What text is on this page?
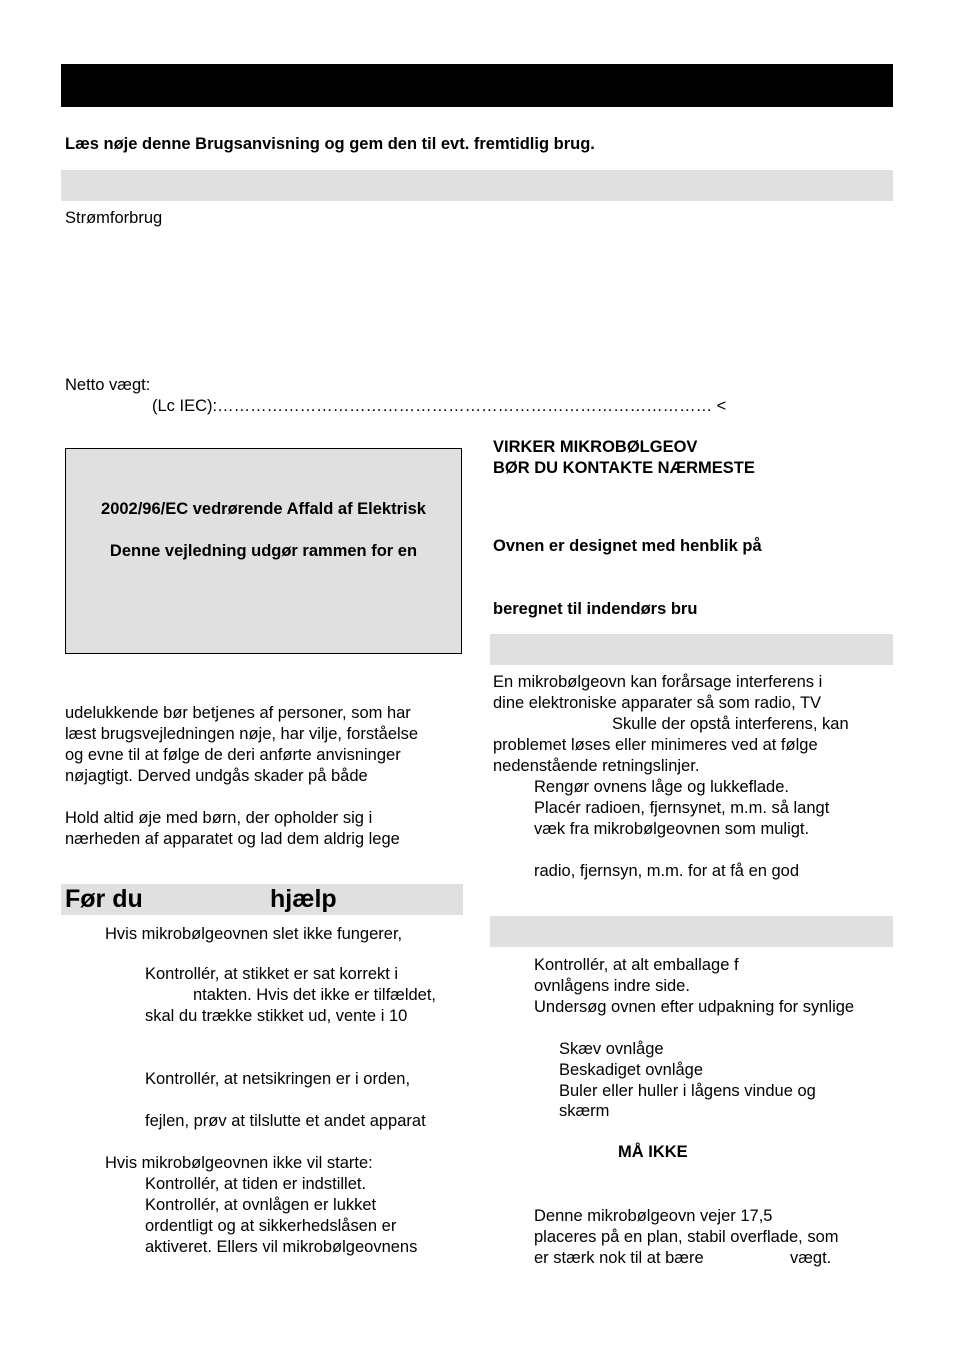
Læs nøje denne Brugsanvisning og gem den til evt. fremtidlig brug.
Strømforbrug
Netto vægt:
(Lc IEC):……………………………………………………………………………… <
2002/96/EC vedrørende Affald af Elektrisk
Denne vejledning udgør rammen for en
udelukkende bør betjenes af personer, som har
læst brugsvejledningen nøje, har vilje, forståelse
og evne til at følge de deri anførte anvisninger
nøjagtigt. Derved undgås skader på både
Hold altid øje med børn, der opholder sig i
nærheden af apparatet og lad dem aldrig lege
Før du	hjælp
Hvis mikrobølgeovnen slet ikke fungerer,
Kontrollér, at stikket er sat korrekt i
ntakten. Hvis det ikke er tilfældet,
skal du trække stikket ud, vente i 10
Kontrollér, at netsikringen er i orden,
fejlen, prøv at tilslutte et andet apparat
Hvis mikrobølgeovnen ikke vil starte:
Kontrollér, at tiden er indstillet.
Kontrollér, at ovnlågen er lukket
ordentligt og at sikkerhedslåsen er
aktiveret. Ellers vil mikrobølgeovnens
VIRKER MIKROBØLGEOV
BØR DU KONTAKTE NÆRMESTE
Ovnen er designet med henblik på
beregnet til indendørs bru
En mikrobølgeovn kan forårsage interferens i
dine elektroniske apparater så som radio, TV
Skulle der opstå interferens, kan
problemet løses eller minimeres ved at følge
nedenstående retningslinjer.
Rengør ovnens låge og lukkeflade.
Placér radioen, fjernsynet, m.m. så langt
væk fra mikrobølgeovnen som muligt.
radio, fjernsyn, m.m. for at få en god
Kontrollér, at alt emballage f
ovnlågens indre side.
Undersøg ovnen efter udpakning for synlige
Skæv ovnlåge
Beskadiget ovnlåge
Buler eller huller i lågens vindue og
skærm
MÅ IKKE
Denne mikrobølgeovn vejer 17,5
placeres på en plan, stabil overflade, som
er stærk nok til at bære	vægt.
